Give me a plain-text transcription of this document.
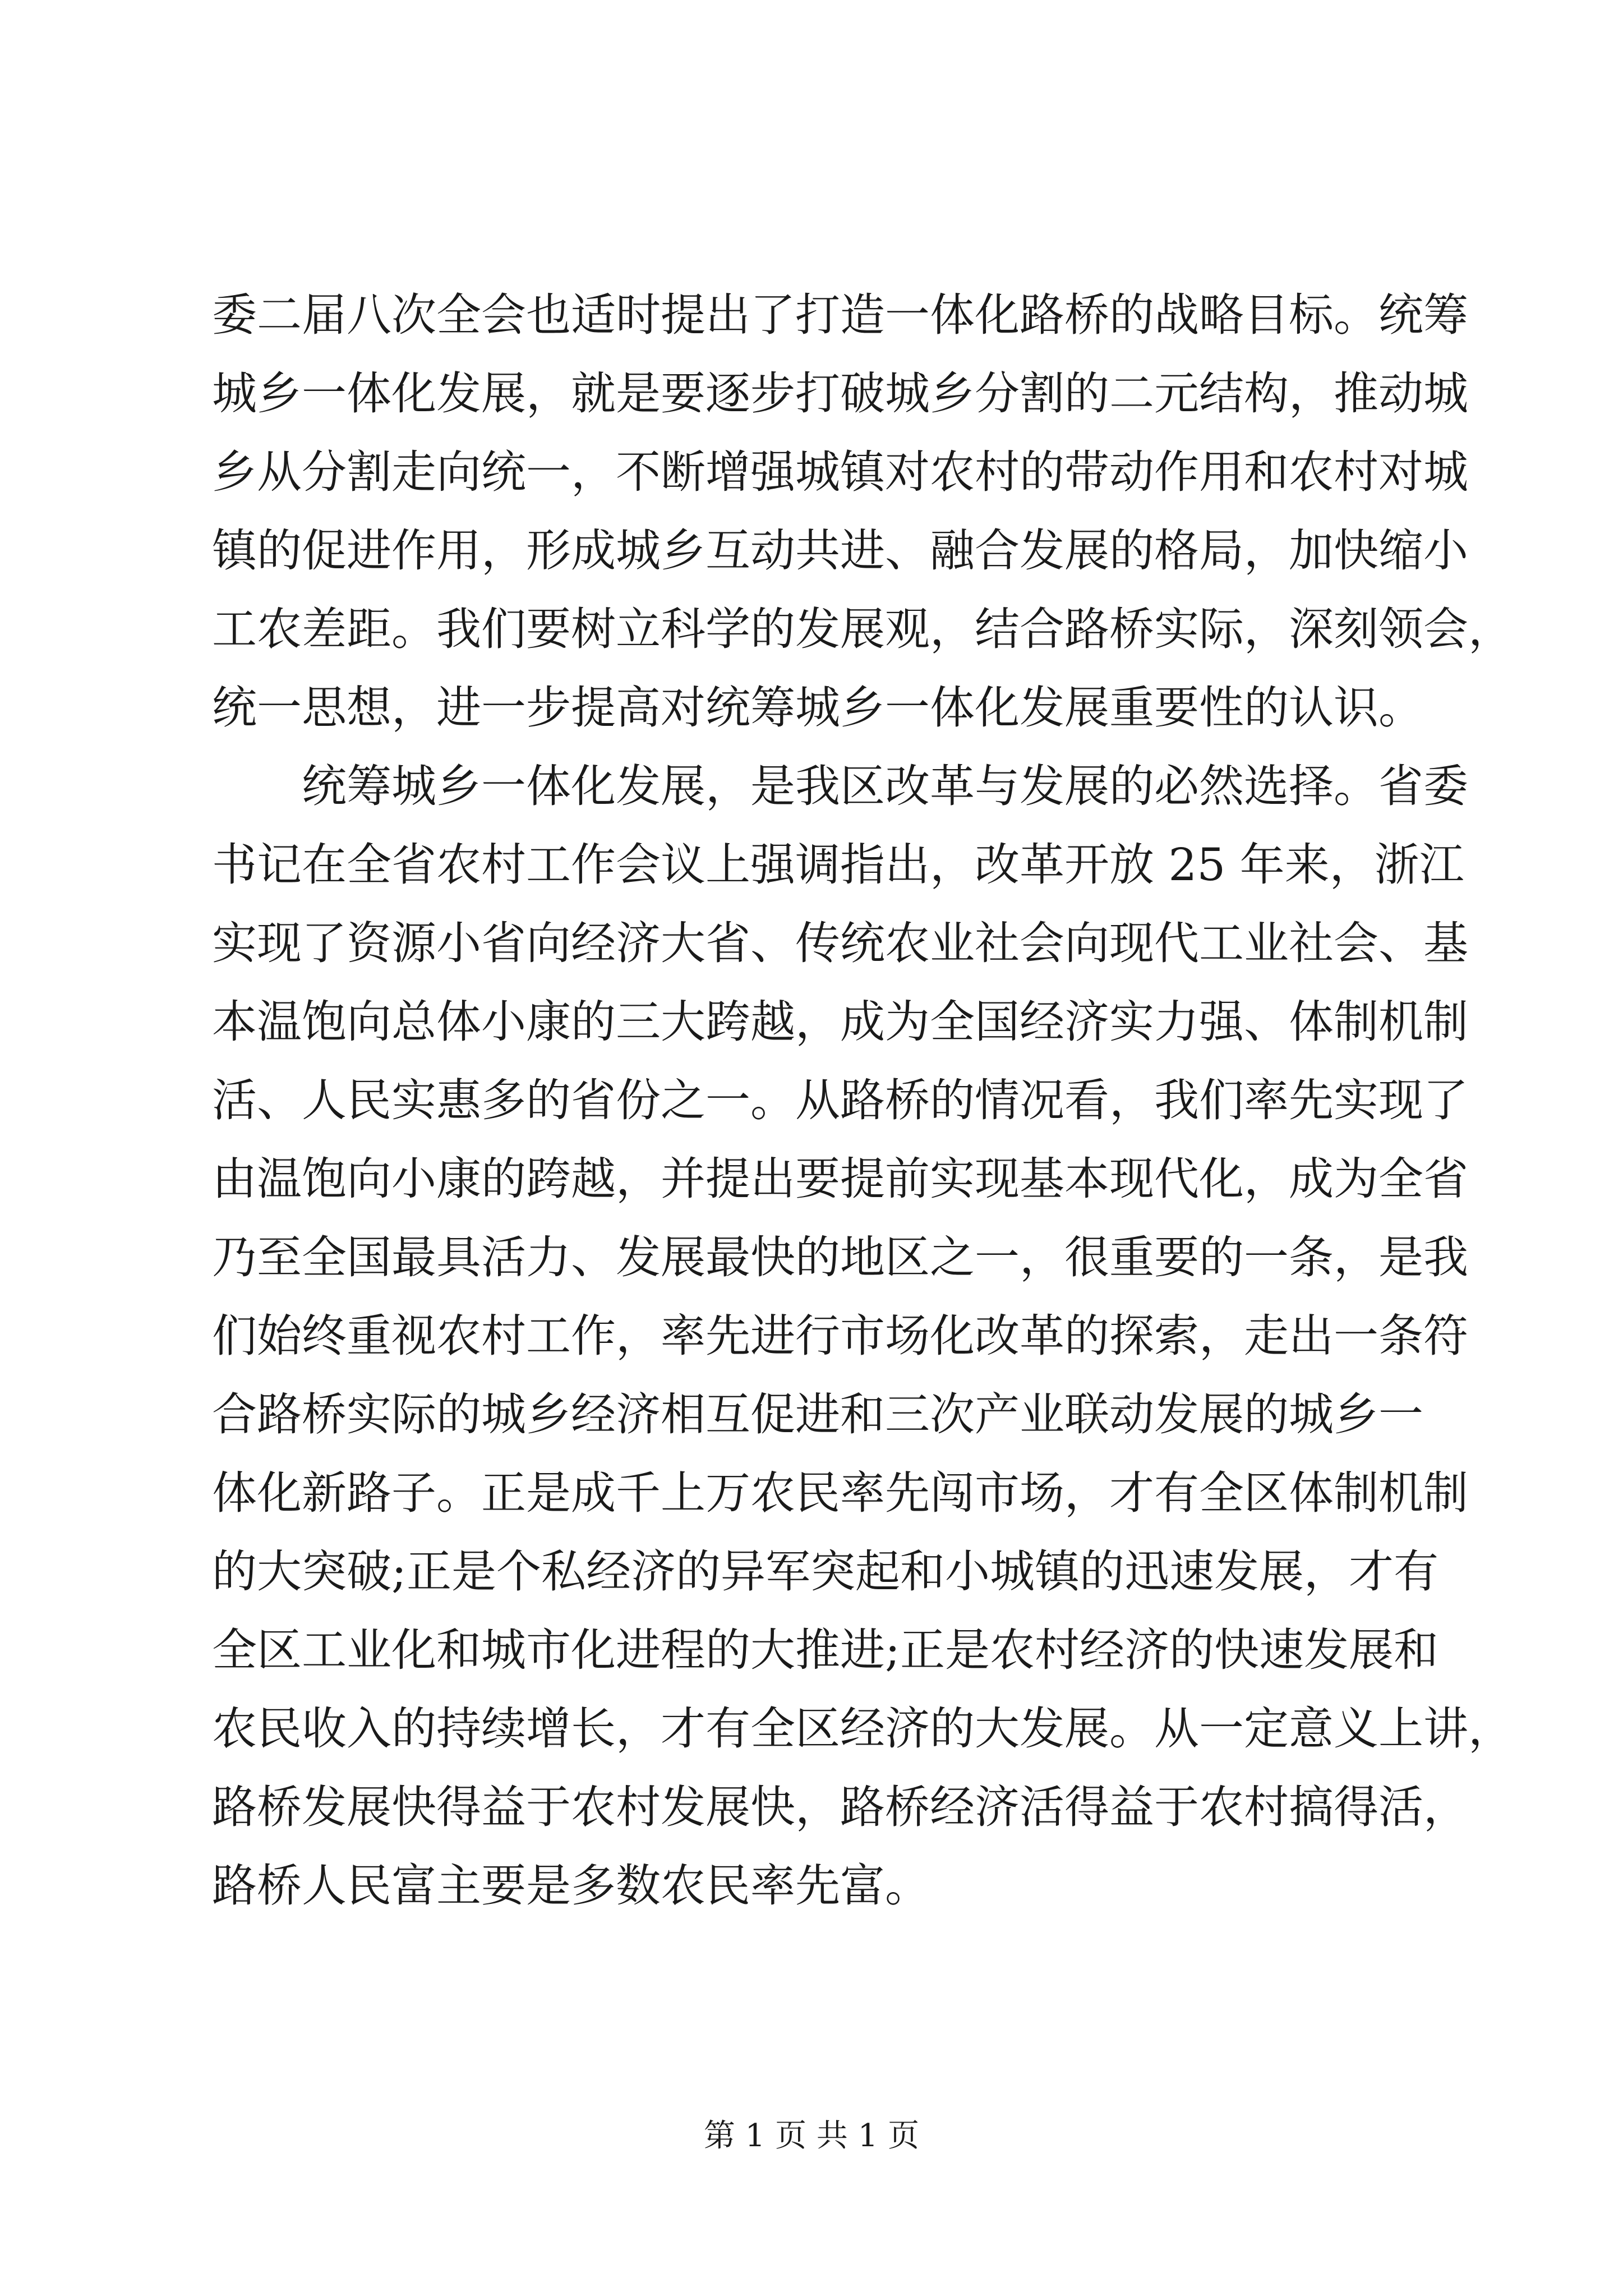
委二届八次全会也适时提出了打造一体化路桥的战略目标。统筹
城乡一体化发展，就是要逐步打破城乡分割的二元结构，推动城
乡从分割走向统一，不断增强城镇对农村的带动作用和农村对城
镇的促进作用，形成城乡互动共进、融合发展的格局，加快缩小
工农差距。我们要树立科学的发展观，结合路桥实际，深刻领会，
统一思想，进一步提高对统筹城乡一体化发展重要性的认识。
　　统筹城乡一体化发展，是我区改革与发展的必然选择。省委
书记在全省农村工作会议上强调指出，改革开放 25 年来，浙江
实现了资源小省向经济大省、传统农业社会向现代工业社会、基
本温饱向总体小康的三大跨越，成为全国经济实力强、体制机制
活、人民实惠多的省份之一。从路桥的情况看，我们率先实现了
由温饱向小康的跨越，并提出要提前实现基本现代化，成为全省
乃至全国最具活力、发展最快的地区之一，很重要的一条，是我
们始终重视农村工作，率先进行市场化改革的探索，走出一条符
合路桥实际的城乡经济相互促进和三次产业联动发展的城乡一
体化新路子。正是成千上万农民率先闯市场，才有全区体制机制
的大突破;正是个私经济的异军突起和小城镇的迅速发展，才有
全区工业化和城市化进程的大推进;正是农村经济的快速发展和
农民收入的持续增长，才有全区经济的大发展。从一定意义上讲，
路桥发展快得益于农村发展快，路桥经济活得益于农村搞得活，
路桥人民富主要是多数农民率先富。
第 1 页 共 1 页
